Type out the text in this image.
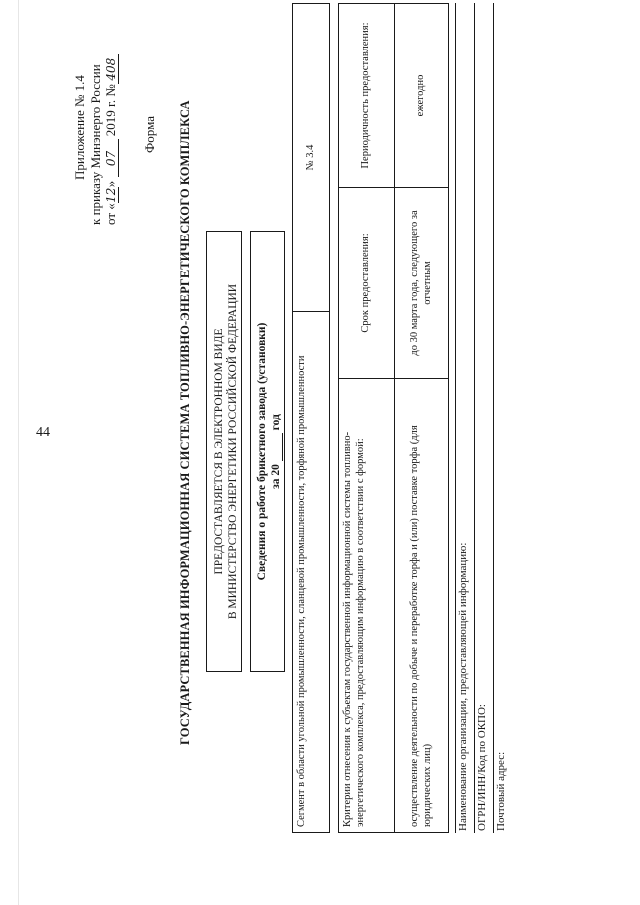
44
Приложение № 1.4 к приказу Минэнерго России от «12» 07 2019 г. №408
Форма ГОСУДАРСТВЕННАЯ ИНФОРМАЦИОННАЯ СИСТЕМА ТОПЛИВНО-ЭНЕРГЕТИЧЕСКОГО КОМПЛЕКСА ПРЕДОСТАВЛЯЕТСЯ В ЭЛЕКТРОННОМ ВИДЕ В МИНИСТЕРСТВО ЭНЕРГЕТИКИ РОССИЙСКОЙ ФЕДЕРАЦИИ Сведения о работе брикетного завода (установки) за 20  год Сегмент в области угольной промышленности, сланцевой промышленности, торфяной промышленности	№ 3.4
Критерии отнесения к субъектам государственной информационной системы топливно-энергетического комплекса, предоставляющим информацию в соответствии с формой:	Срок предоставления:	Периодичность предоставления:
осуществление деятельности по добыче и переработке торфа и (или) поставке торфа (для юридических лиц)	до 30 марта года, следующего за отчетным	ежегодно
Наименование организации, предоставляющей информацию: ОГРН/ИНН/Код по ОКПО: Почтовый адрес:
